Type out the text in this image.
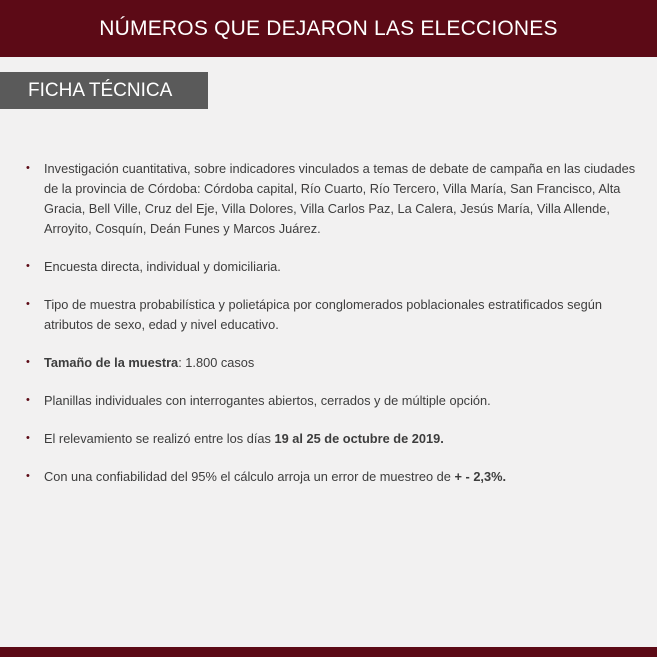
NÚMEROS QUE DEJARON LAS ELECCIONES
FICHA TÉCNICA
• Investigación cuantitativa, sobre indicadores vinculados a temas de debate de campaña en las ciudades de la provincia de Córdoba: Córdoba capital, Río Cuarto, Río Tercero, Villa María, San Francisco, Alta Gracia, Bell Ville, Cruz del Eje, Villa Dolores, Villa Carlos Paz, La Calera, Jesús María, Villa Allende, Arroyito, Cosquín, Deán Funes y Marcos Juárez.
• Encuesta directa, individual y domiciliaria.
• Tipo de muestra probabilística y polietápica por conglomerados poblacionales estratificados según atributos de sexo, edad y nivel educativo.
• Tamaño de la muestra: 1.800 casos
• Planillas individuales con interrogantes abiertos, cerrados y de múltiple opción.
• El relevamiento se realizó entre los días 19 al 25 de octubre de 2019.
• Con una confiabilidad del 95% el cálculo arroja un error de muestreo de + - 2,3%.
